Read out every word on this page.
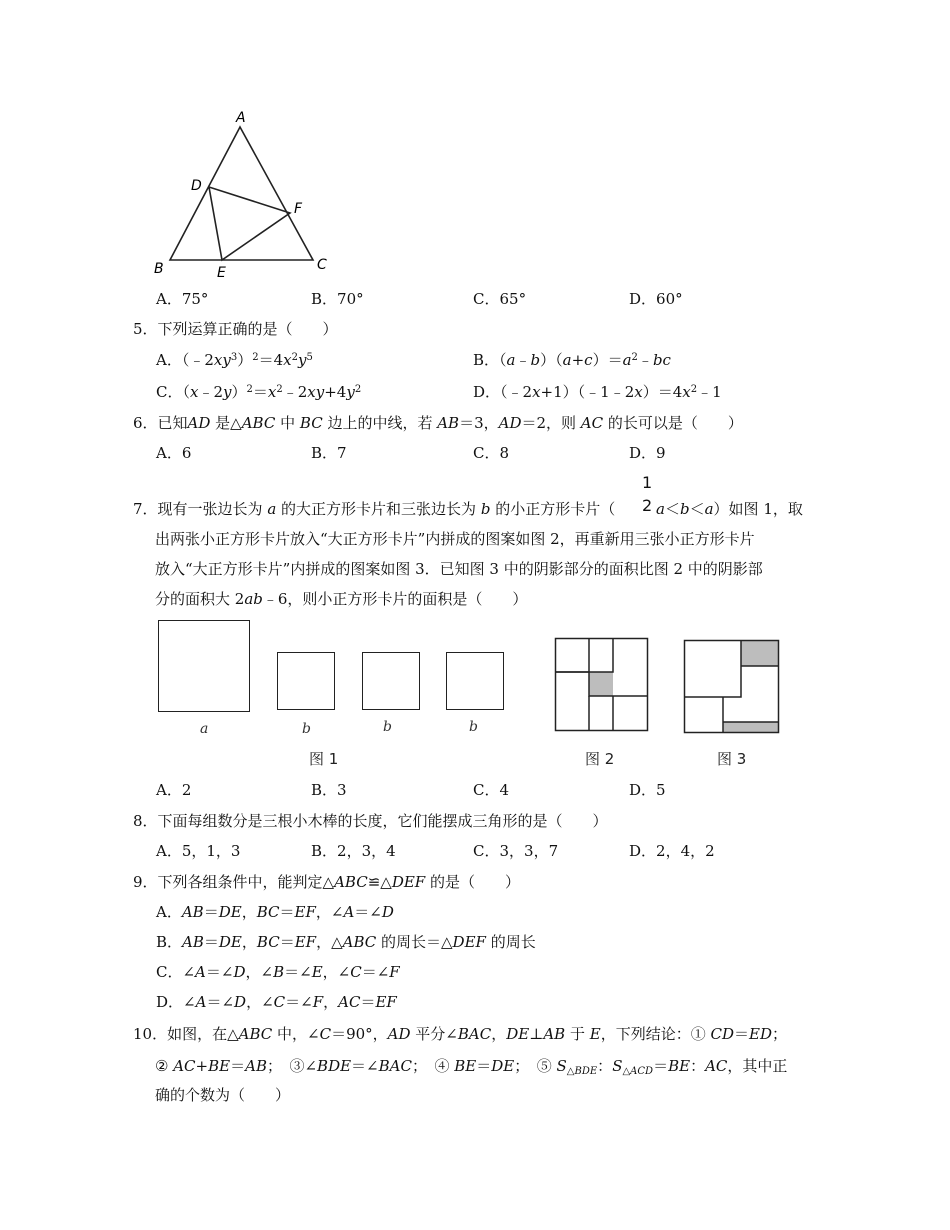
A
D
F
B	E	C
A．75°	B．70°	C．65°	D．60°
5．下列运算正确的是（　　）
A．$(﹣2xy^3)^2=4x^2y^5$	B．$(a﹣b)(a+c)=a^2﹣bc$
C．$(x﹣2y)^2=x^2﹣2xy+4y^2$	D．$(﹣2x+1)(﹣1﹣2x)=4x^2﹣1$
6．已知AD 是△ABC 中 BC 边上的中线，若 AB＝3，AD＝2，则 AC 的长可以是（　　）
A．6	B．7	C．8	D．9
7．现有一张边长为 a 的大正方形卡片和三张边长为 b 的小正方形卡片（
1
2 a＜b＜a）如图 1，取
出两张小正方形卡片放入“大正方形卡片”内拼成的图案如图 2，再重新用三张小正方形卡片
放入“大正方形卡片”内拼成的图案如图 3．已知图 3 中的阴影部分的面积比图 2 中的阴影部
分的面积大 2ab﹣6，则小正方形卡片的面积是（　　）
a	b	b	b
图 1	图 2	图 3
A．2	B．3	C．4	D．5
8．下面每组数分是三根小木棒的长度，它们能摆成三角形的是（　　）
A．5，1，3	B．2，3，4	C．3，3，7	D．2，4，2
9．下列各组条件中，能判定△ABC≌△DEF 的是（　　）
A．AB＝DE，BC＝EF，∠A＝∠D
B．AB＝DE，BC＝EF，△ABC 的周长＝△DEF 的周长
C．∠A＝∠D，∠B＝∠E，∠C＝∠F
D．∠A＝∠D，∠C＝∠F，AC＝EF
10．如图，在△ABC 中，∠C＝90°，AD 平分∠BAC，DE⊥AB 于 E，下列结论：① CD＝ED；
② AC+BE＝AB；　③∠BDE＝∠BAC；　④ BE＝DE；　⑤ $S_{\triangle BDE}$：$S_{\triangle ACD}=BE$：AC，其中正
确的个数为（　　）
